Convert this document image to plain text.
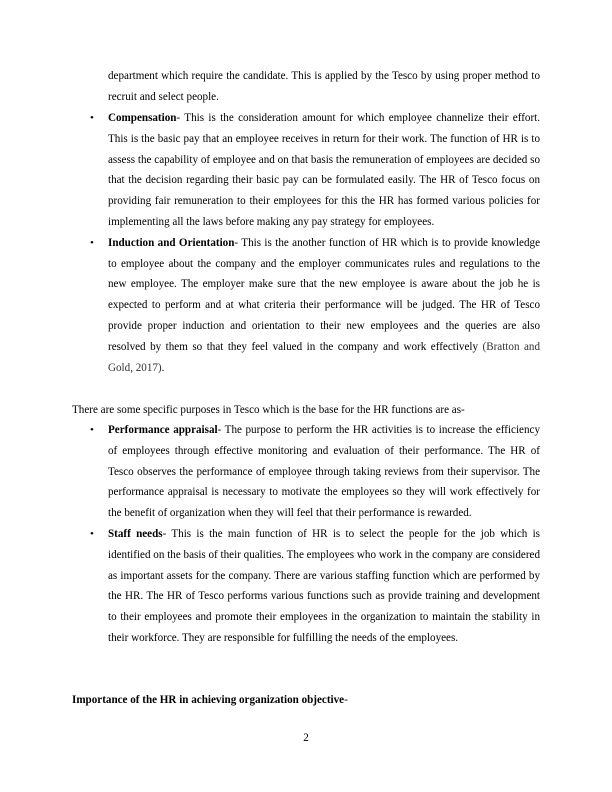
department which require the candidate. This is applied by the Tesco by using proper method to recruit and select people.

• Compensation- This is the consideration amount for which employee channelize their effort. This is the basic pay that an employee receives in return for their work. The function of HR is to assess the capability of employee and on that basis the remuneration of employees are decided so that the decision regarding their basic pay can be formulated easily. The HR of Tesco focus on providing fair remuneration to their employees for this the HR has formed various policies for implementing all the laws before making any pay strategy for employees.
• Induction and Orientation- This is the another function of HR which is to provide knowledge to employee about the company and the employer communicates rules and regulations to the new employee. The employer make sure that the new employee is aware about the job he is expected to perform and at what criteria their performance will be judged. The HR of Tesco provide proper induction and orientation to their new employees and the queries are also resolved by them so that they feel valued in the company and work effectively (Bratton and Gold, 2017).

There are some specific purposes in Tesco which is the base for the HR functions are as-

• Performance appraisal- The purpose to perform the HR activities is to increase the efficiency of employees through effective monitoring and evaluation of their performance. The HR of Tesco observes the performance of employee through taking reviews from their supervisor. The performance appraisal is necessary to motivate the employees so they will work effectively for the benefit of organization when they will feel that their performance is rewarded.
• Staff needs- This is the main function of HR is to select the people for the job which is identified on the basis of their qualities. The employees who work in the company are considered as important assets for the company. There are various staffing function which are performed by the HR. The HR of Tesco performs various functions such as provide training and development to their employees and promote their employees in the organization to maintain the stability in their workforce. They are responsible for fulfilling the needs of the employees.

Importance of the HR in achieving organization objective-

2
